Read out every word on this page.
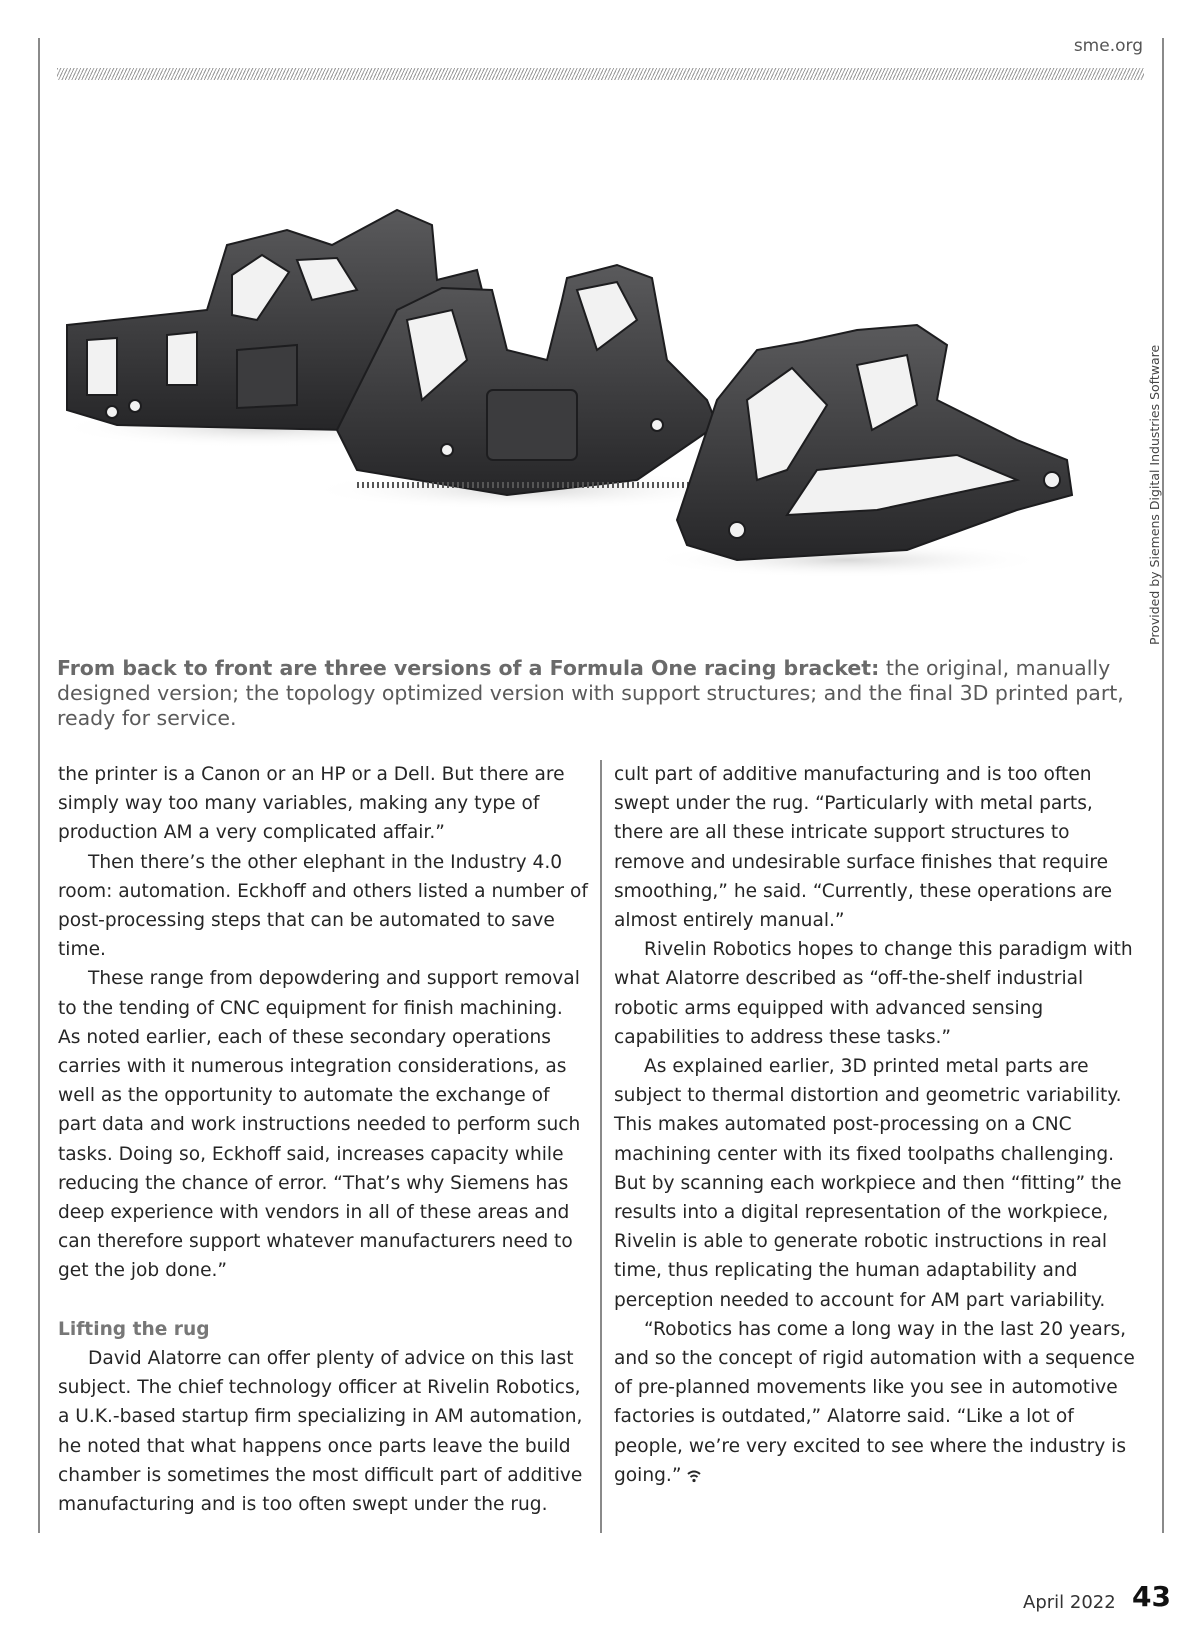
sme.org
Provided by Siemens Digital Industries Software
From back to front are three versions of a Formula One racing bracket: the original, manually designed version; the topology optimized version with support structures; and the final 3D printed part, ready for service.

the printer is a Canon or an HP or a Dell. But there are simply way too many variables, making any type of production AM a very complicated affair.”

Then there’s the other elephant in the Industry 4.0 room: automation. Eckhoff and others listed a number of post-processing steps that can be automated to save time.

These range from depowdering and support removal to the tending of CNC equipment for finish machining. As noted earlier, each of these secondary operations carries with it numerous integration considerations, as well as the opportunity to automate the exchange of part data and work instructions needed to perform such tasks. Doing so, Eckhoff said, increases capacity while reducing the chance of error. “That’s why Siemens has deep experience with vendors in all of these areas and can therefore support whatever manufacturers need to get the job done.”

Lifting the rug

David Alatorre can offer plenty of advice on this last subject. The chief technology officer at Rivelin Robotics, a U.K.-based startup firm specializing in AM automation, he noted that what happens once parts leave the build chamber is sometimes the most difficult part of additive manufacturing and is too often swept under the rug.

cult part of additive manufacturing and is too often swept under the rug. “Particularly with metal parts, there are all these intricate support structures to remove and undesirable surface finishes that require smoothing,” he said. “Currently, these operations are almost entirely manual.”

Rivelin Robotics hopes to change this paradigm with what Alatorre described as “off-the-shelf industrial robotic arms equipped with advanced sensing capabilities to address these tasks.”

As explained earlier, 3D printed metal parts are subject to thermal distortion and geometric variability. This makes automated post-processing on a CNC machining center with its fixed toolpaths challenging. But by scanning each workpiece and then “fitting” the results into a digital representation of the workpiece, Rivelin is able to generate robotic instructions in real time, thus replicating the human adaptability and perception needed to account for AM part variability.

“Robotics has come a long way in the last 20 years, and so the concept of rigid automation with a sequence of pre-planned movements like you see in automotive factories is outdated,” Alatorre said. “Like a lot of people, we’re very excited to see where the industry is going.”

April 2022 43
